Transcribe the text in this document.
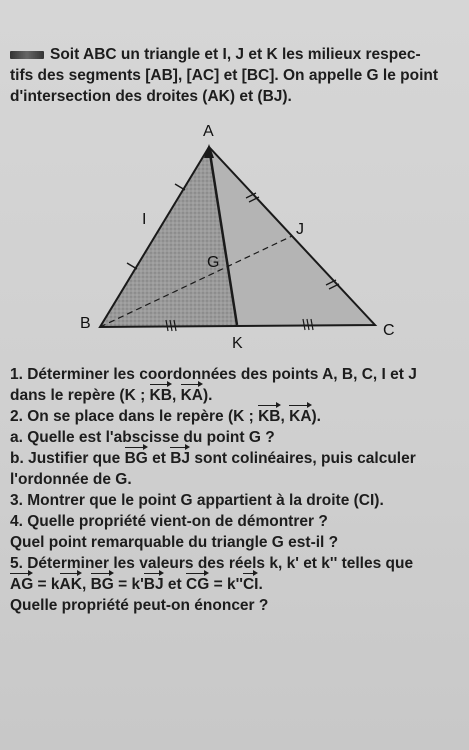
Soit ABC un triangle et I, J et K les milieux respec-
tifs des segments [AB], [AC] et [BC]. On appelle G le point
d'intersection des droites (AK) et (BJ).
A
B	C
I
J
K
G

1. Déterminer les coordonnées des points A, B, C, I et J

dans le repère (K ; KB, KA).

2. On se place dans le repère (K ; KB, KA).

a. Quelle est l'abscisse du point G ?

b. Justifier que BG et BJ sont colinéaires, puis calculer

l'ordonnée de G.

3. Montrer que le point G appartient à la droite (CI).

4. Quelle propriété vient-on de démontrer ?

Quel point remarquable du triangle G est-il ?

5. Déterminer les valeurs des réels k, k' et k'' telles que

AG = kAK, BG = k'BJ et CG = k''CI.

Quelle propriété peut-on énoncer ?
